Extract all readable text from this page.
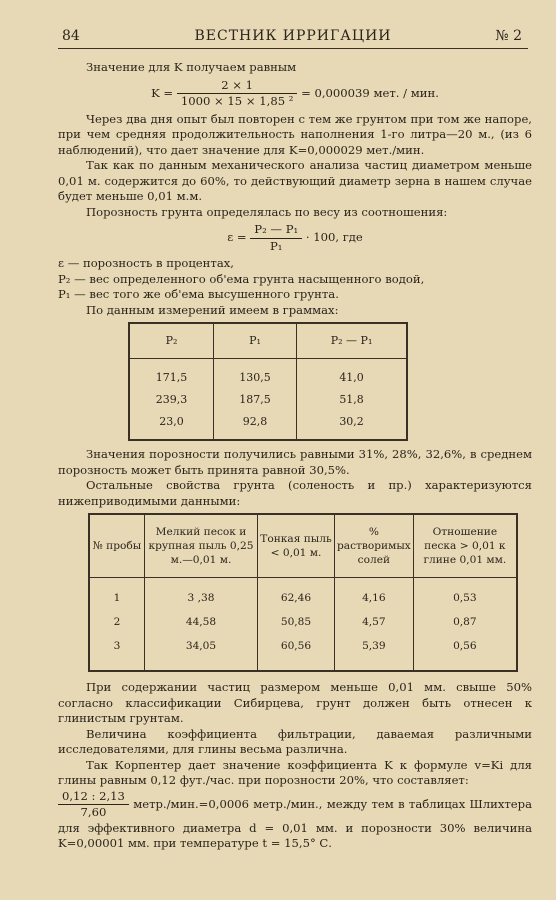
84	ВЕСТНИК ИРРИГАЦИИ	№ 2

Значение для K получаем равным

$K = \frac{2 \times 1}{\text{1000 × 15 × 1,85 ²}} = 0,000039$ мет. / мин.

Через два дня опыт был повторен с тем же грунтом при том же напоре, при чем средняя продолжительность наполнения 1-го литра—20 м., (из 6 наблюдений), что дает значение для K=0,000029 мет./мин.

Так как по данным механического анализа частиц диаметром меньше 0,01 м. содержится до 60%, то действующий диаметр зерна в нашем случае будет меньше 0,01 м.м.

Порозность грунта определялась по весу из соотношения:

$\varepsilon = \frac{\text{P₂ — P₁}}{\text{P₁}} \cdot 100$, где

ε — порозность в процентах,

P₂ — вес определенного об'ема грунта насыщенного водой,

P₁ — вес того же об'ема высушенного грунта.

По данным измерений имеем в граммах:

P₂	P₁	P₂ — P₁
171,5	130,5	41,0
239,3	187,5	51,8
23,0	92,8	30,2

Значения порозности получились равными 31%, 28%, 32,6%, в среднем порозность может быть принята равной 30,5%.

Остальные свойства грунта (соленость и пр.) характеризуются нижеприводимыми данными:

№ пробы	Мелкий песок и крупная пыль 0,25 м.—0,01 м.	Тонкая пыль < 0,01 м.	% растворимых солей	Отношение песка > 0,01 к глине 0,01 мм.
1	3 ,38	62,46	4,16	0,53
2	44,58	50,85	4,57	0,87
3	34,05	60,56	5,39	0,56

При содержании частиц размером меньше 0,01 мм. свыше 50% согласно классификации Сибирцева, грунт должен быть отнесен к глинистым грунтам.

Величина коэффициента фильтрации, даваемая различными исследователями, для глины весьма различна.

Так Корпентер дает значение коэффициента K к формуле v=Ki для глины равным 0,12 фут./час. при порозности 20%, что составляет:

$\frac{0,12 : 2,13}{7,60}$ метр./мин.=0,0006 метр./мин., между тем в таблицах Шлихтера для эффективного диаметра d = 0,01 мм. и порозности 30% величина K=0,00001 мм. при температуре t = 15,5° С.
